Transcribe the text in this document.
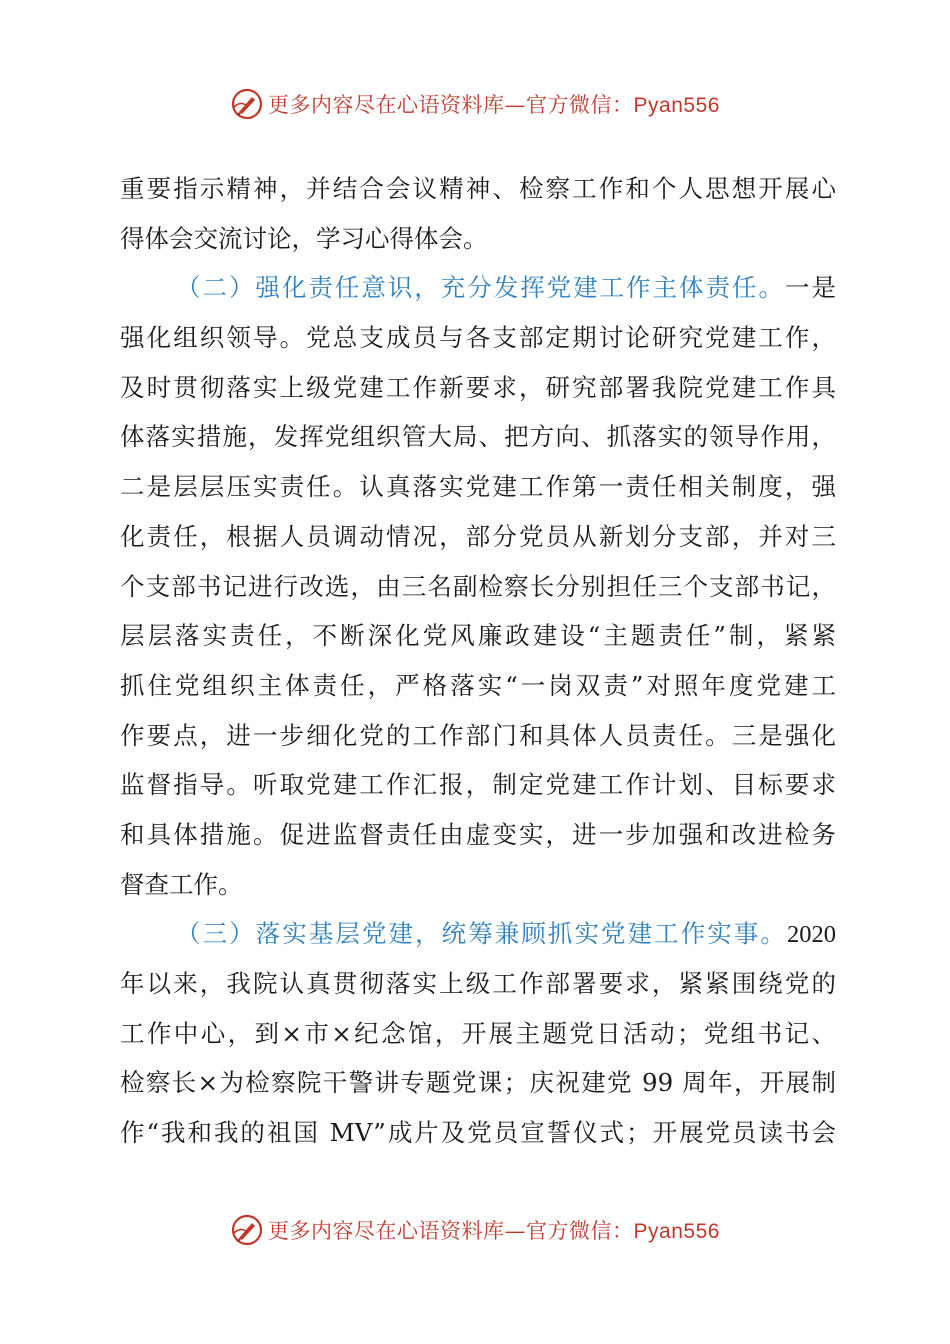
更多内容尽在心语资料库—官方微信：Pyan556
重要指示精神，并结合会议精神、检察工作和个人思想开展心
得体会交流讨论，学习心得体会。
（二）强化责任意识，充分发挥党建工作主体责任。一是
强化组织领导。党总支成员与各支部定期讨论研究党建工作，
及时贯彻落实上级党建工作新要求，研究部署我院党建工作具
体落实措施，发挥党组织管大局、把方向、抓落实的领导作用，
二是层层压实责任。认真落实党建工作第一责任相关制度，强
化责任，根据人员调动情况，部分党员从新划分支部，并对三
个支部书记进行改选，由三名副检察长分别担任三个支部书记，
层层落实责任，不断深化党风廉政建设“主题责任”制，紧紧
抓住党组织主体责任，严格落实“一岗双责”对照年度党建工
作要点，进一步细化党的工作部门和具体人员责任。三是强化
监督指导。听取党建工作汇报，制定党建工作计划、目标要求
和具体措施。促进监督责任由虚变实，进一步加强和改进检务
督查工作。
（三）落实基层党建，统筹兼顾抓实党建工作实事。2020
年以来，我院认真贯彻落实上级工作部署要求，紧紧围绕党的
工作中心，到×市×纪念馆，开展主题党日活动；党组书记、
检察长×为检察院干警讲专题党课；庆祝建党 99 周年，开展制
作“我和我的祖国 MV”成片及党员宣誓仪式；开展党员读书会
更多内容尽在心语资料库—官方微信：Pyan556
